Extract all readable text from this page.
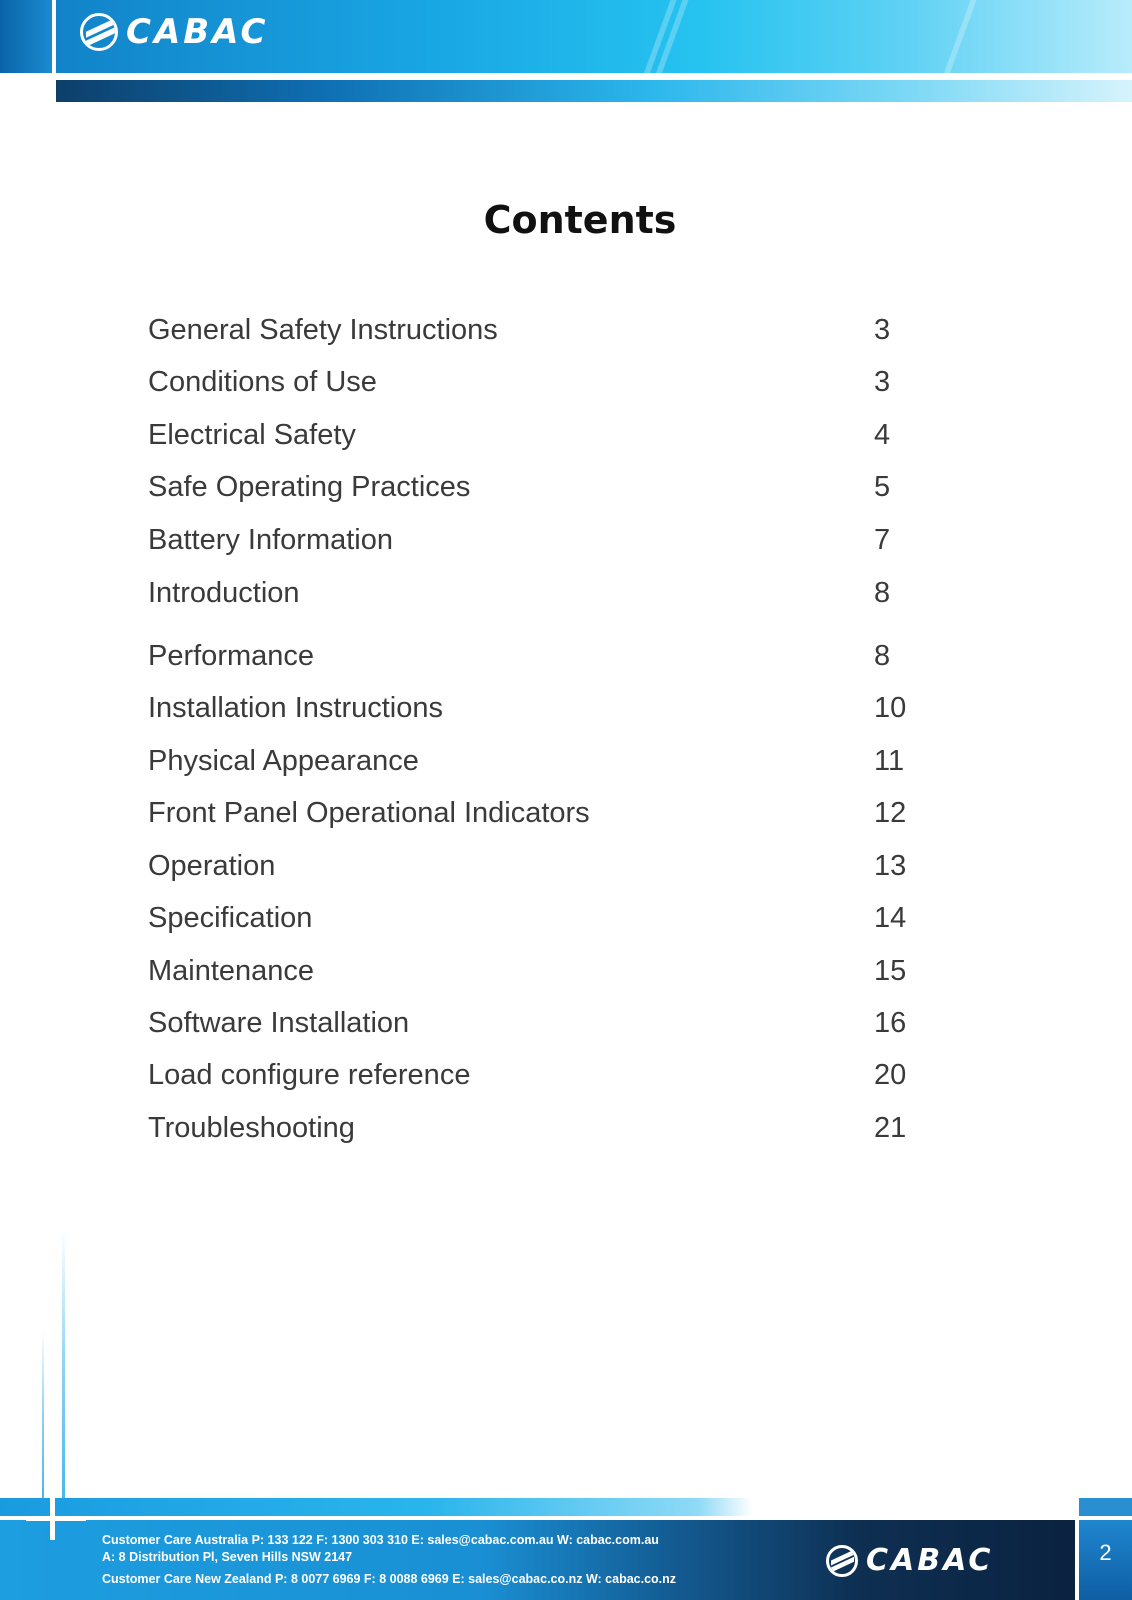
CABAC
Contents
General Safety Instructions	3
Conditions of Use	3
Electrical Safety	4
Safe Operating Practices	5
Battery Information	7
Introduction	8
Performance	8
Installation Instructions	10
Physical Appearance	11
Front Panel Operational Indicators	12
Operation	13
Specification	14
Maintenance	15
Software Installation	16
Load configure reference	20
Troubleshooting	21
Customer Care Australia P: 133 122 F: 1300 303 310 E: sales@cabac.com.au W: cabac.com.au
A: 8 Distribution Pl, Seven Hills NSW 2147
Customer Care New Zealand P: 8 0077 6969 F: 8 0088 6969 E: sales@cabac.co.nz W: cabac.co.nz
CABAC	2
